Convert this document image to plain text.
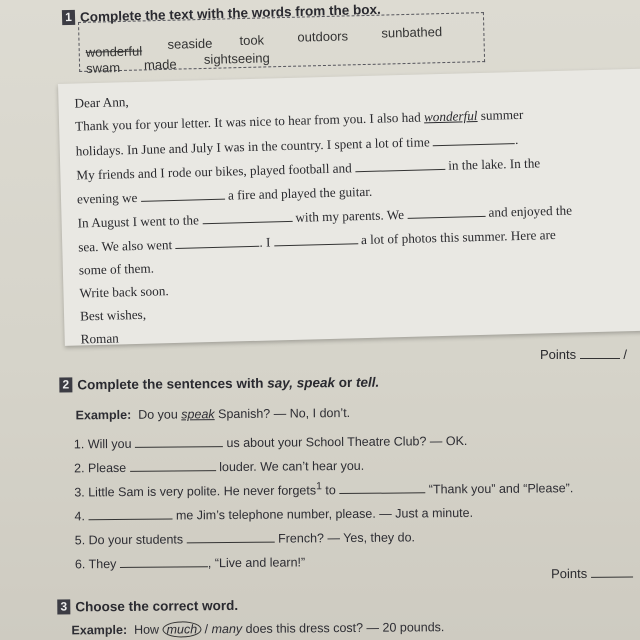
1 Complete the text with the words from the box.
wonderful seaside took	outdoors	sunbathed
swam made sightseeing
Dear Ann,
Thank you for your letter. It was nice to hear from you. I also had wonderful summer
holidays. In June and July I was in the country. I spent a lot of time	.
My friends and I rode our bikes, played football and	in the lake. In the
evening we	a fire and played the guitar.
In August I went to the	with my parents. We	and enjoyed the
sea. We also went	. I	a lot of photos this summer. Here are
some of them.
Write back soon.
Best wishes,
Roman
Points	/
2 Complete the sentences with say, speak or tell.
Example: Do you speak Spanish? — No, I don’t.
1. Will you	us about your School Theatre Club? — OK.
2. Please	louder. We can’t hear you.
3. Little Sam is very polite. He never forgets$^1$ to	“Thank you” and “Please”.
4.	me Jim’s telephone number, please. — Just a minute.
5. Do your students	French? — Yes, they do.
6. They	, “Live and learn!”
Points
3 Choose the correct word.
Example: How much / many does this dress cost? — 20 pounds.
